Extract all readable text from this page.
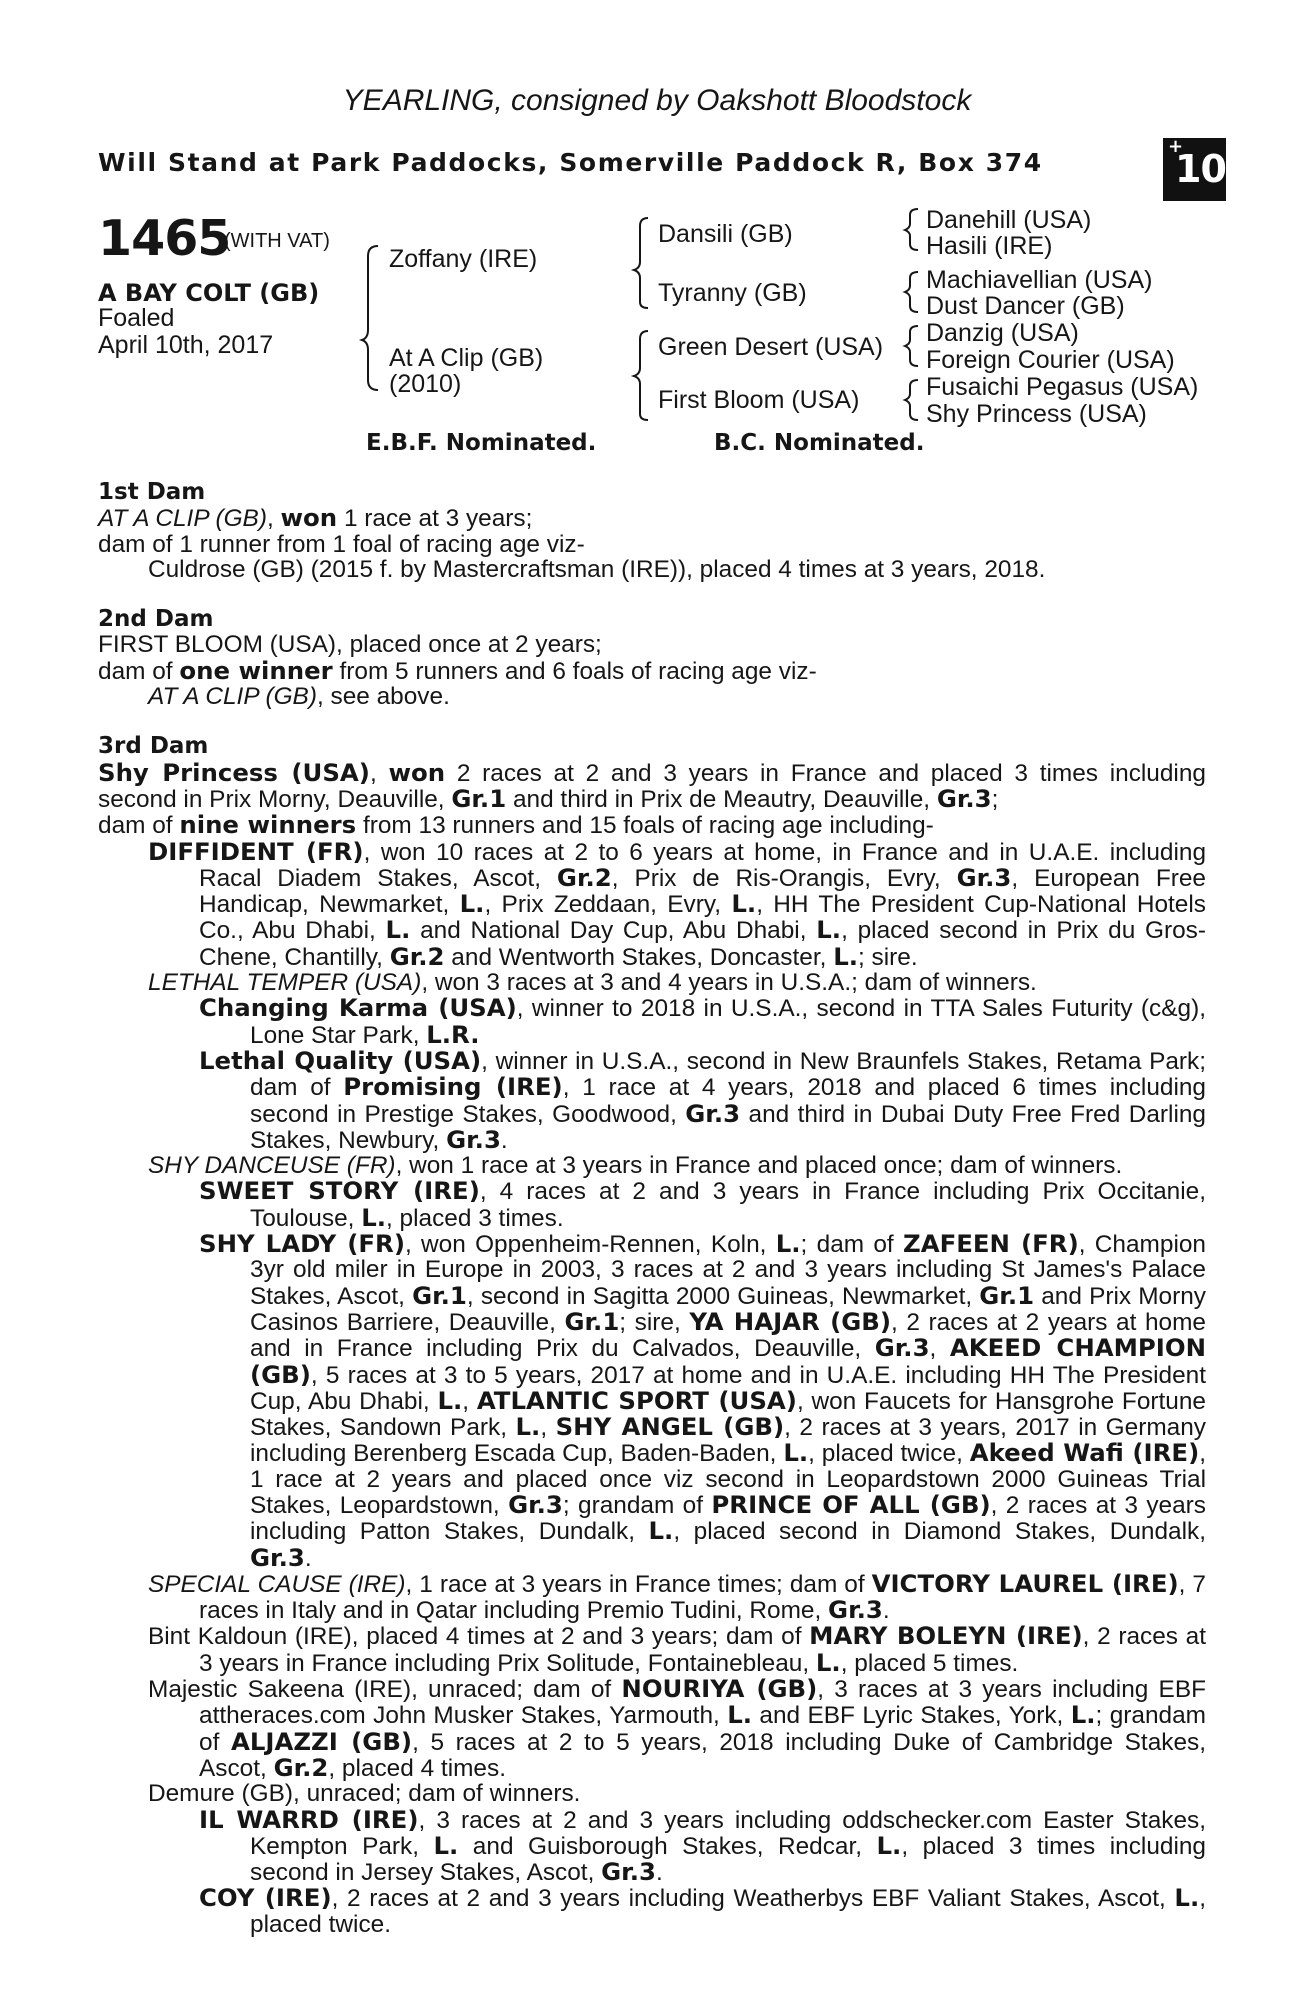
YEARLING, consigned by Oakshott Bloodstock
Will Stand at Park Paddocks, Somerville Paddock R, Box 374
+
10
1465
(WITH VAT)
A BAY COLT (GB)
Foaled
April 10th, 2017
Zoffany (IRE)
At A Clip (GB)
(2010)
Dansili (GB)
Tyranny (GB)
Green Desert (USA)
First Bloom (USA)
Danehill (USA)
Hasili (IRE)
Machiavellian (USA)
Dust Dancer (GB)
Danzig (USA)
Foreign Courier (USA)
Fusaichi Pegasus (USA)
Shy Princess (USA)
E.B.F. Nominated.	B.C. Nominated.

1st Dam

AT A CLIP (GB), won 1 race at 3 years;

dam of 1 runner from 1 foal of racing age viz-

Culdrose (GB) (2015 f. by Mastercraftsman (IRE)), placed 4 times at 3 years, 2018.

2nd Dam

FIRST BLOOM (USA), placed once at 2 years;

dam of one winner from 5 runners and 6 foals of racing age viz-

AT A CLIP (GB), see above.

3rd Dam

Shy Princess (USA), won 2 races at 2 and 3 years in France and placed 3 times including second in Prix Morny, Deauville, Gr.1 and third in Prix de Meautry, Deauville, Gr.3;

dam of nine winners from 13 runners and 15 foals of racing age including-

DIFFIDENT (FR), won 10 races at 2 to 6 years at home, in France and in U.A.E. including Racal Diadem Stakes, Ascot, Gr.2, Prix de Ris-Orangis, Evry, Gr.3, European Free Handicap, Newmarket, L., Prix Zeddaan, Evry, L., HH The President Cup-National Hotels Co., Abu Dhabi, L. and National Day Cup, Abu Dhabi, L., placed second in Prix du Gros-Chene, Chantilly, Gr.2 and Wentworth Stakes, Doncaster, L.; sire.

LETHAL TEMPER (USA), won 3 races at 3 and 4 years in U.S.A.; dam of winners.

Changing Karma (USA), winner to 2018 in U.S.A., second in TTA Sales Futurity (c&g), Lone Star Park, L.R.

Lethal Quality (USA), winner in U.S.A., second in New Braunfels Stakes, Retama Park; dam of Promising (IRE), 1 race at 4 years, 2018 and placed 6 times including second in Prestige Stakes, Goodwood, Gr.3 and third in Dubai Duty Free Fred Darling Stakes, Newbury, Gr.3.

SHY DANCEUSE (FR), won 1 race at 3 years in France and placed once; dam of winners.

SWEET STORY (IRE), 4 races at 2 and 3 years in France including Prix Occitanie, Toulouse, L., placed 3 times.

SHY LADY (FR), won Oppenheim-Rennen, Koln, L.; dam of ZAFEEN (FR), Champion 3yr old miler in Europe in 2003, 3 races at 2 and 3 years including St James's Palace Stakes, Ascot, Gr.1, second in Sagitta 2000 Guineas, Newmarket, Gr.1 and Prix Morny Casinos Barriere, Deauville, Gr.1; sire, YA HAJAR (GB), 2 races at 2 years at home and in France including Prix du Calvados, Deauville, Gr.3, AKEED CHAMPION (GB), 5 races at 3 to 5 years, 2017 at home and in U.A.E. including HH The President Cup, Abu Dhabi, L., ATLANTIC SPORT (USA), won Faucets for Hansgrohe Fortune Stakes, Sandown Park, L., SHY ANGEL (GB), 2 races at 3 years, 2017 in Germany including Berenberg Escada Cup, Baden-Baden, L., placed twice, Akeed Wafi (IRE), 1 race at 2 years and placed once viz second in Leopardstown 2000 Guineas Trial Stakes, Leopardstown, Gr.3; grandam of PRINCE OF ALL (GB), 2 races at 3 years including Patton Stakes, Dundalk, L., placed second in Diamond Stakes, Dundalk, Gr.3.

SPECIAL CAUSE (IRE), 1 race at 3 years in France times; dam of VICTORY LAUREL (IRE), 7 races in Italy and in Qatar including Premio Tudini, Rome, Gr.3.

Bint Kaldoun (IRE), placed 4 times at 2 and 3 years; dam of MARY BOLEYN (IRE), 2 races at 3 years in France including Prix Solitude, Fontainebleau, L., placed 5 times.

Majestic Sakeena (IRE), unraced; dam of NOURIYA (GB), 3 races at 3 years including EBF attheraces.com John Musker Stakes, Yarmouth, L. and EBF Lyric Stakes, York, L.; grandam of ALJAZZI (GB), 5 races at 2 to 5 years, 2018 including Duke of Cambridge Stakes, Ascot, Gr.2, placed 4 times.

Demure (GB), unraced; dam of winners.

IL WARRD (IRE), 3 races at 2 and 3 years including oddschecker.com Easter Stakes, Kempton Park, L. and Guisborough Stakes, Redcar, L., placed 3 times including second in Jersey Stakes, Ascot, Gr.3.

COY (IRE), 2 races at 2 and 3 years including Weatherbys EBF Valiant Stakes, Ascot, L., placed twice.
